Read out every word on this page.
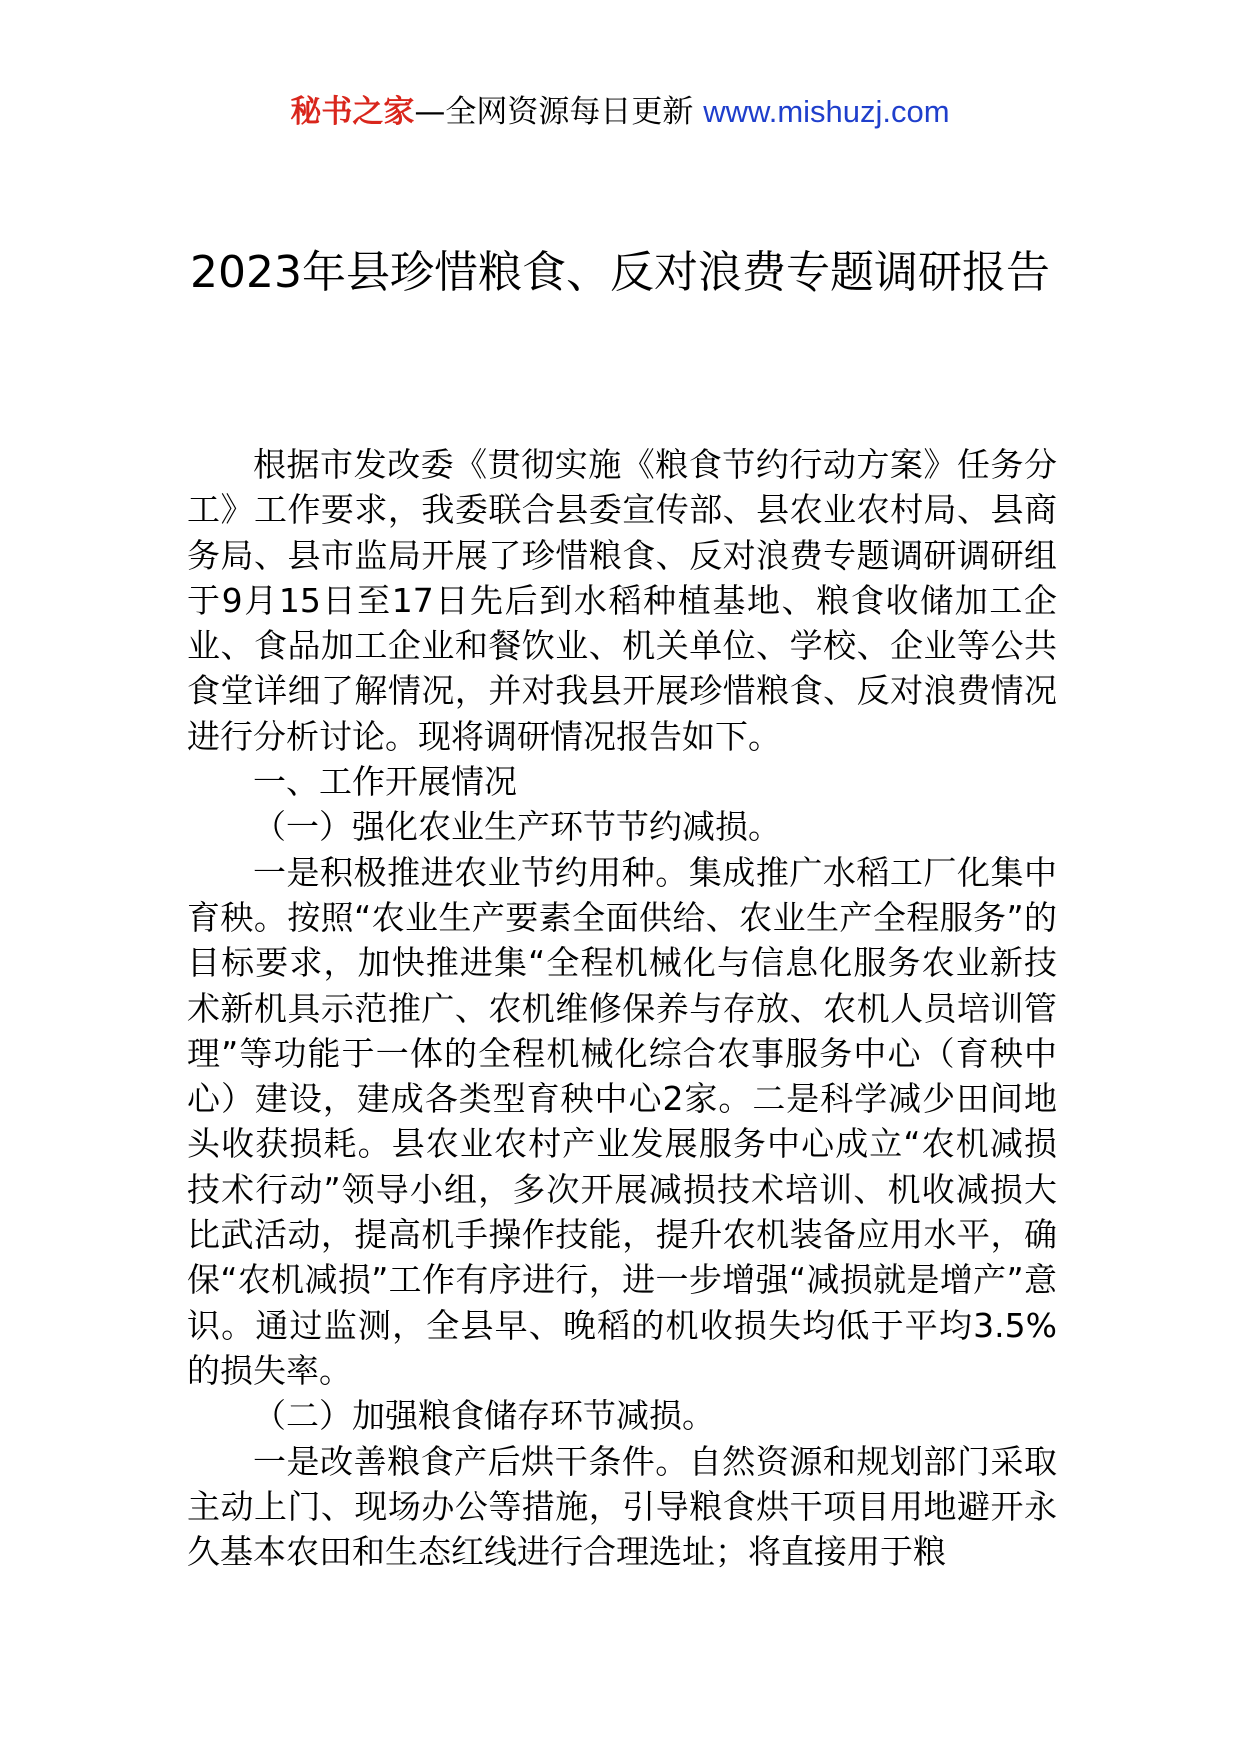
秘书之家—全网资源每日更新 www.mishuzj.com
2023年县珍惜粮食、反对浪费专题调研报告

根据市发改委《贯彻实施《粮食节约行动方案》任务分工》工作要求，我委联合县委宣传部、县农业农村局、县商务局、县市监局开展了珍惜粮食、反对浪费专题调研调研组于9月15日至17日先后到水稻种植基地、粮食收储加工企业、食品加工企业和餐饮业、机关单位、学校、企业等公共食堂详细了解情况，并对我县开展珍惜粮食、反对浪费情况进行分析讨论。现将调研情况报告如下。

一、工作开展情况

（一）强化农业生产环节节约减损。

一是积极推进农业节约用种。集成推广水稻工厂化集中育秧。按照“农业生产要素全面供给、农业生产全程服务”的目标要求，加快推进集“全程机械化与信息化服务农业新技术新机具示范推广、农机维修保养与存放、农机人员培训管理”等功能于一体的全程机械化综合农事服务中心（育秧中心）建设，建成各类型育秧中心2家。二是科学减少田间地头收获损耗。县农业农村产业发展服务中心成立“农机减损技术行动”领导小组，多次开展减损技术培训、机收减损大比武活动，提高机手操作技能，提升农机装备应用水平，确保“农机减损”工作有序进行，进一步增强“减损就是增产”意识。通过监测，全县早、晚稻的机收损失均低于平均3.5%的损失率。

（二）加强粮食储存环节减损。

一是改善粮食产后烘干条件。自然资源和规划部门采取主动上门、现场办公等措施，引导粮食烘干项目用地避开永久基本农田和生态红线进行合理选址；将直接用于粮
